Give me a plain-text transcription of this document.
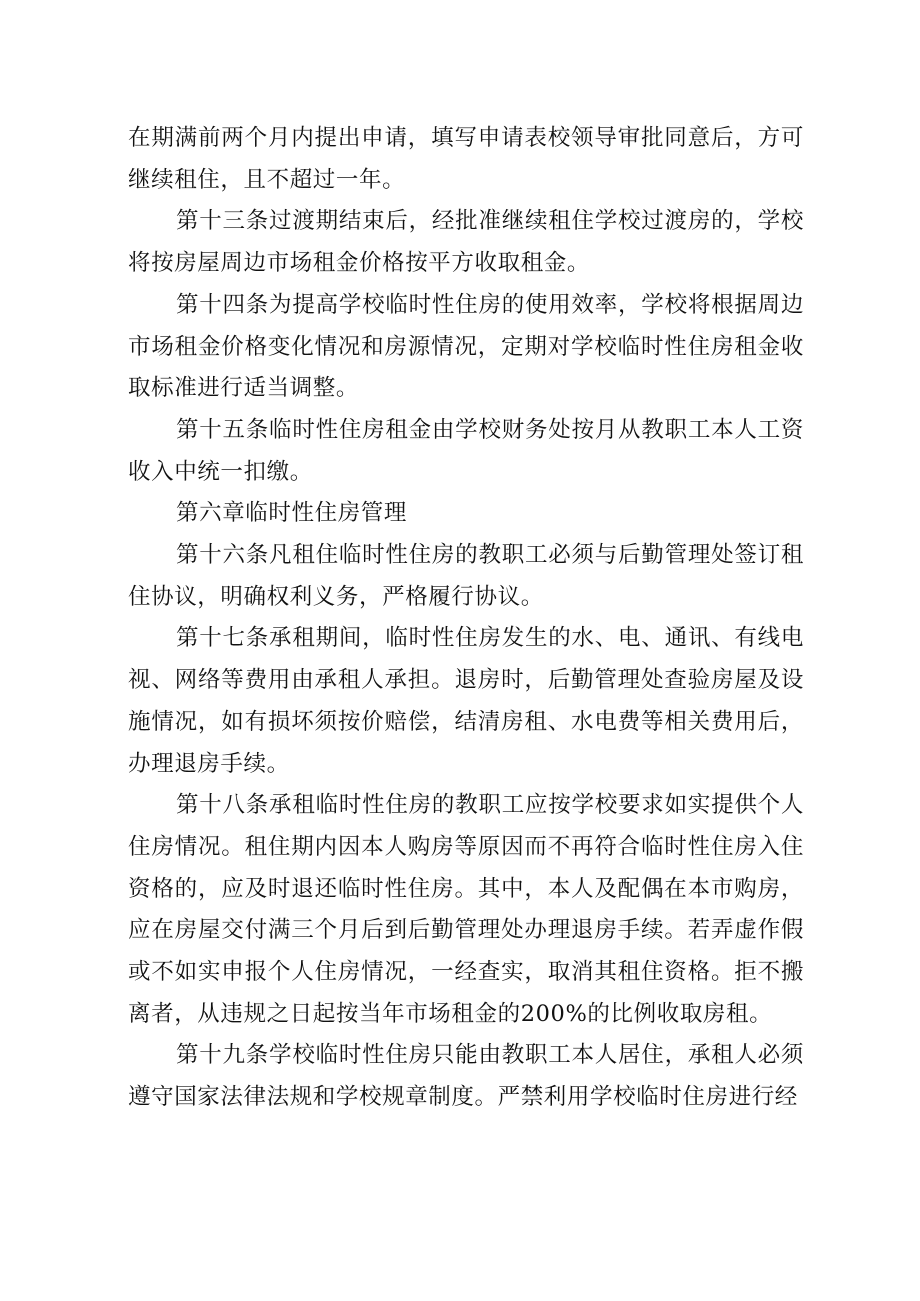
在期满前两个月内提出申请，填写申请表校领导审批同意后，方可继续租住，且不超过一年。

第十三条过渡期结束后，经批准继续租住学校过渡房的，学校将按房屋周边市场租金价格按平方收取租金。

第十四条为提高学校临时性住房的使用效率，学校将根据周边市场租金价格变化情况和房源情况，定期对学校临时性住房租金收取标准进行适当调整。

第十五条临时性住房租金由学校财务处按月从教职工本人工资收入中统一扣缴。

第六章临时性住房管理

第十六条凡租住临时性住房的教职工必须与后勤管理处签订租住协议，明确权利义务，严格履行协议。

第十七条承租期间，临时性住房发生的水、电、通讯、有线电视、网络等费用由承租人承担。退房时，后勤管理处查验房屋及设施情况，如有损坏须按价赔偿，结清房租、水电费等相关费用后，办理退房手续。

第十八条承租临时性住房的教职工应按学校要求如实提供个人住房情况。租住期内因本人购房等原因而不再符合临时性住房入住资格的，应及时退还临时性住房。其中，本人及配偶在本市购房，应在房屋交付满三个月后到后勤管理处办理退房手续。若弄虚作假或不如实申报个人住房情况，一经查实，取消其租住资格。拒不搬离者，从违规之日起按当年市场租金的200%的比例收取房租。

第十九条学校临时性住房只能由教职工本人居住，承租人必须遵守国家法律法规和学校规章制度。严禁利用学校临时住房进行经
